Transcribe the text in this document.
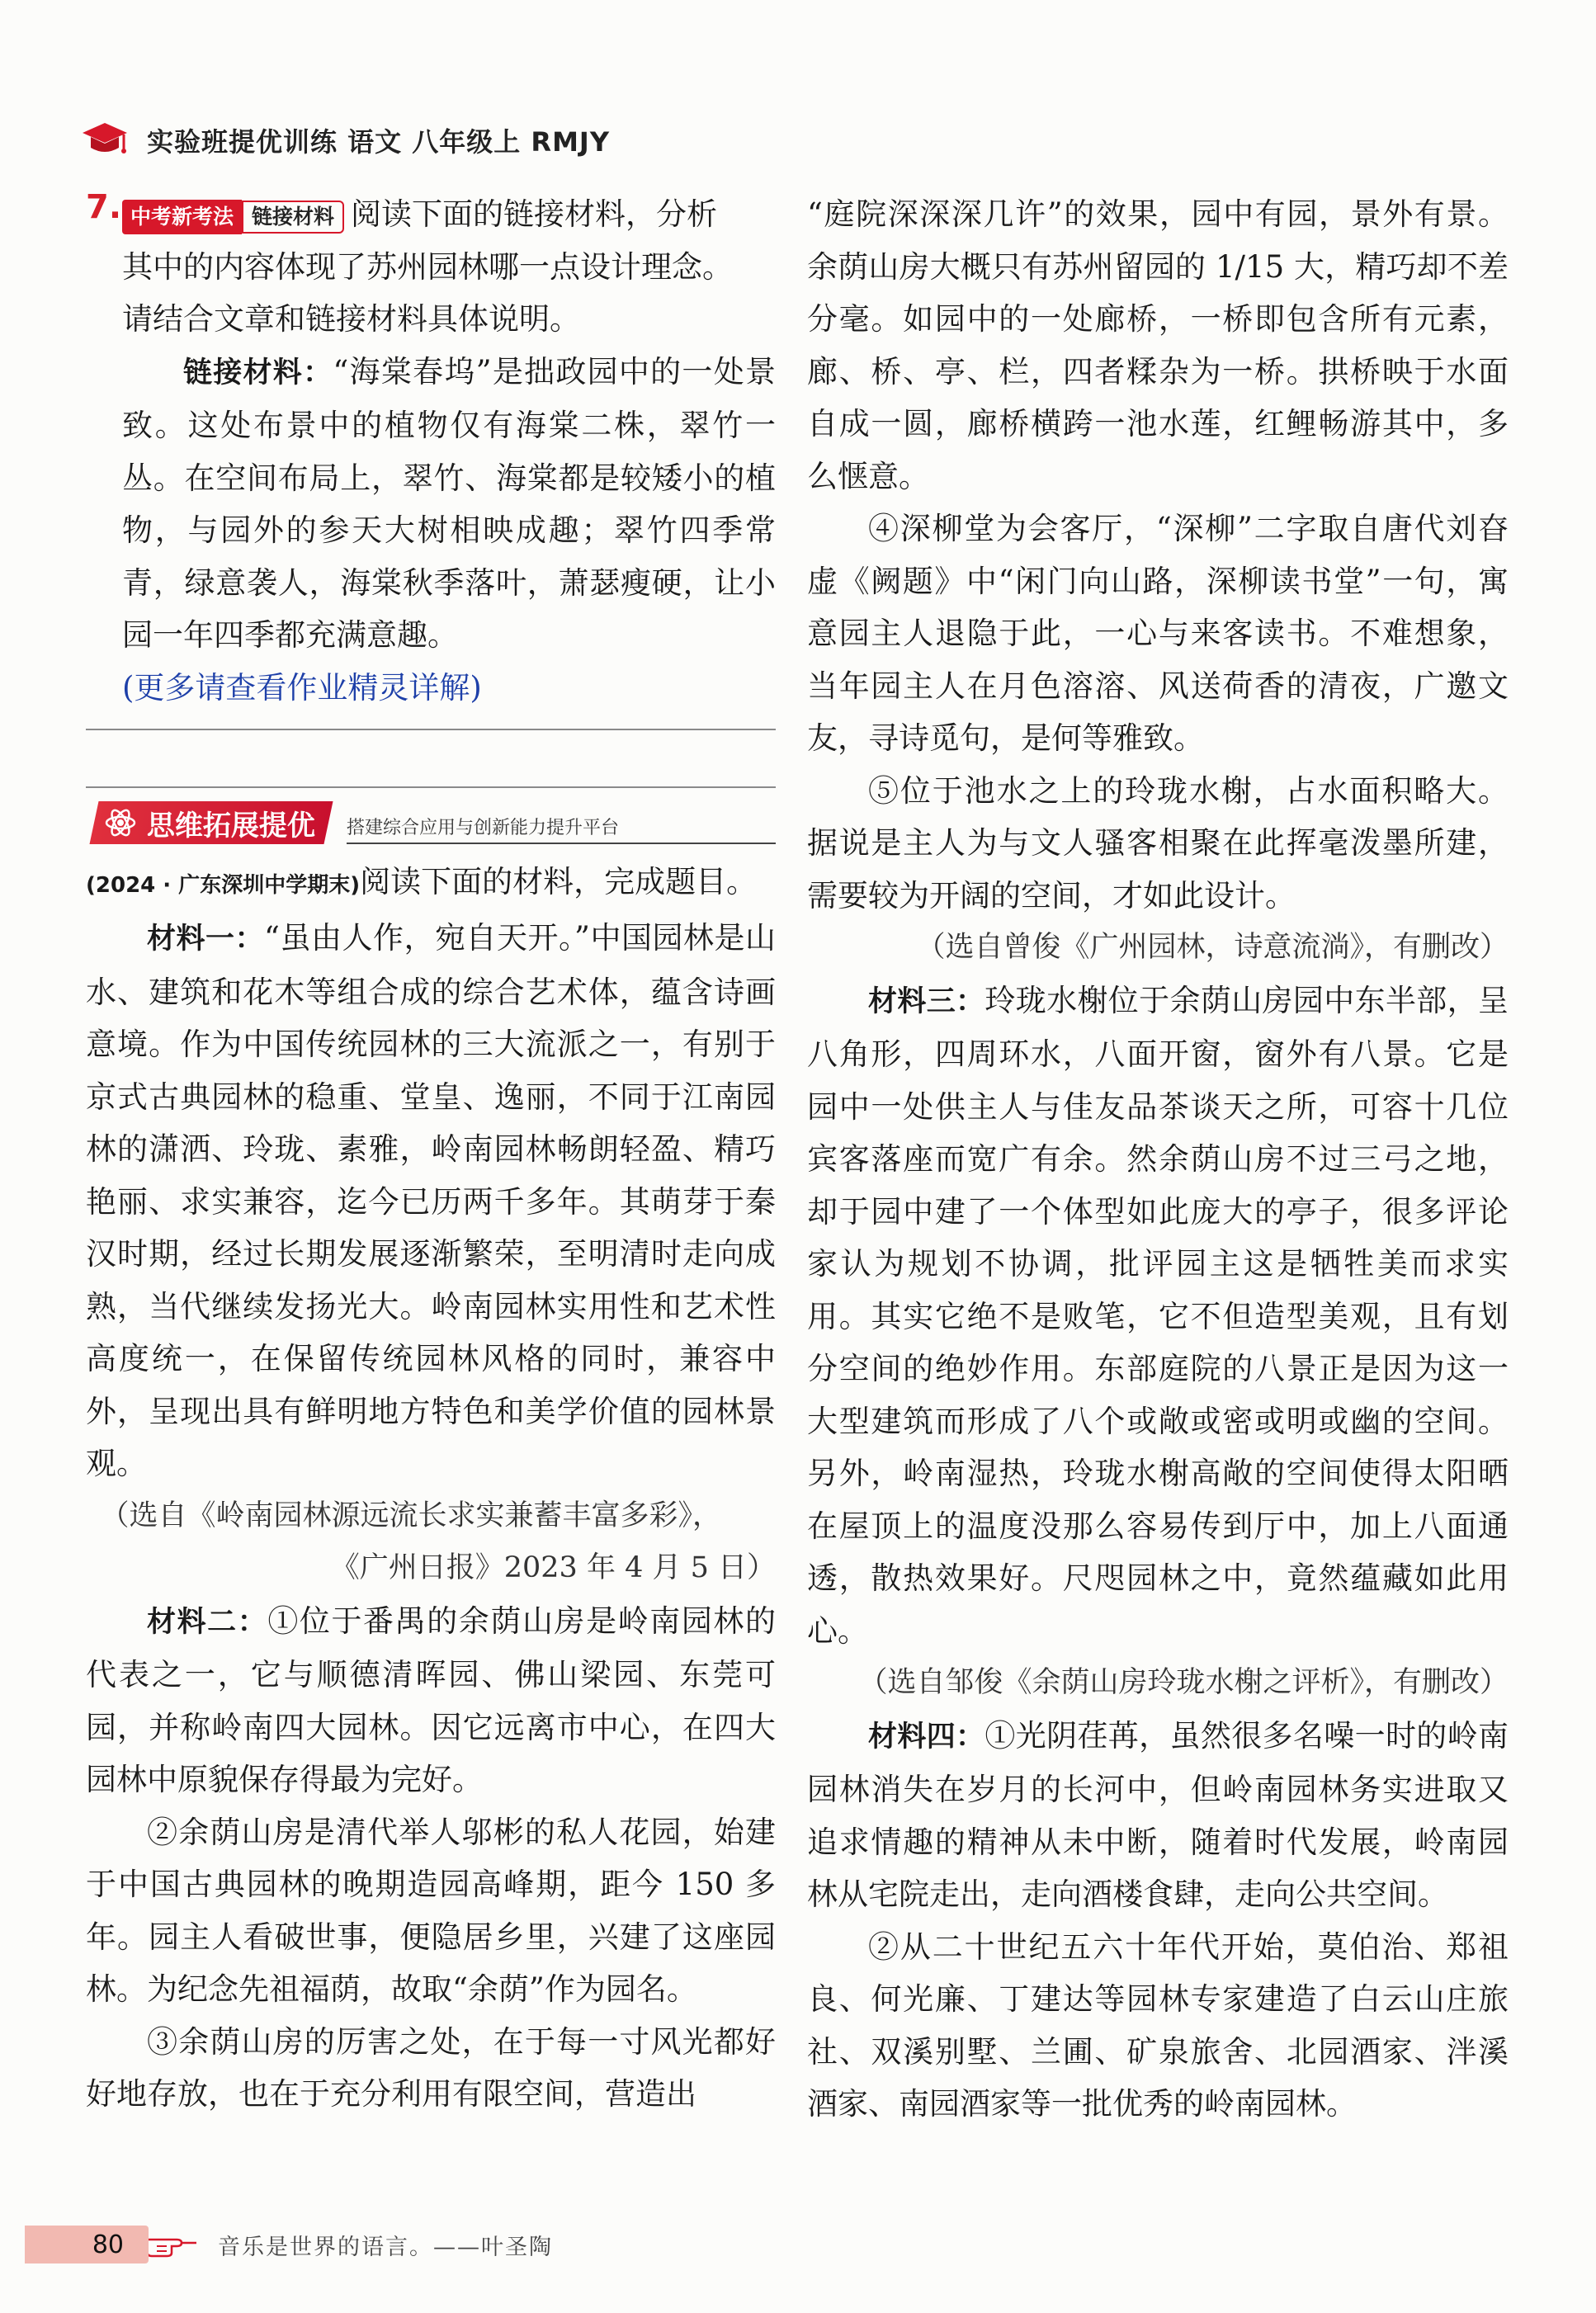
实验班提优训练 语文 八年级上 RMJY
7. 中考新考法 链接材料 阅读下面的链接材料，分析

其中的内容体现了苏州园林哪一点设计理念。

请结合文章和链接材料具体说明。

链接材料：“海棠春坞”是拙政园中的一处景致。这处布景中的植物仅有海棠二株，翠竹一丛。在空间布局上，翠竹、海棠都是较矮小的植物，与园外的参天大树相映成趣；翠竹四季常青，绿意袭人，海棠秋季落叶，萧瑟瘦硬，让小园一年四季都充满意趣。

(更多请查看作业精灵详解)
思维拓展提优 搭建综合应用与创新能力提升平台

(2024 · 广东深圳中学期末)阅读下面的材料，完成题目。

材料一：“虽由人作，宛自天开。”中国园林是山水、建筑和花木等组合成的综合艺术体，蕴含诗画意境。作为中国传统园林的三大流派之一，有别于京式古典园林的稳重、堂皇、逸丽，不同于江南园林的潇洒、玲珑、素雅，岭南园林畅朗轻盈、精巧艳丽、求实兼容，迄今已历两千多年。其萌芽于秦汉时期，经过长期发展逐渐繁荣，至明清时走向成熟，当代继续发扬光大。岭南园林实用性和艺术性高度统一，在保留传统园林风格的同时，兼容中外，呈现出具有鲜明地方特色和美学价值的园林景观。

（选自《岭南园林源远流长求实兼蓄丰富多彩》，

《广州日报》2023 年 4 月 5 日）

材料二：①位于番禺的余荫山房是岭南园林的代表之一，它与顺德清晖园、佛山梁园、东莞可园，并称岭南四大园林。因它远离市中心，在四大园林中原貌保存得最为完好。

②余荫山房是清代举人邬彬的私人花园，始建于中国古典园林的晚期造园高峰期，距今 150 多年。园主人看破世事，便隐居乡里，兴建了这座园林。为纪念先祖福荫，故取“余荫”作为园名。

③余荫山房的厉害之处，在于每一寸风光都好好地存放，也在于充分利用有限空间，营造出

“庭院深深深几许”的效果，园中有园，景外有景。余荫山房大概只有苏州留园的 1/15 大，精巧却不差分毫。如园中的一处廊桥，一桥即包含所有元素，廊、桥、亭、栏，四者糅杂为一桥。拱桥映于水面自成一圆，廊桥横跨一池水莲，红鲤畅游其中，多么惬意。

④深柳堂为会客厅，“深柳”二字取自唐代刘昚虚《阙题》中“闲门向山路，深柳读书堂”一句，寓意园主人退隐于此，一心与来客读书。不难想象，当年园主人在月色溶溶、风送荷香的清夜，广邀文友，寻诗觅句，是何等雅致。

⑤位于池水之上的玲珑水榭，占水面积略大。据说是主人为与文人骚客相聚在此挥毫泼墨所建，需要较为开阔的空间，才如此设计。

（选自曾俊《广州园林，诗意流淌》，有删改）

材料三：玲珑水榭位于余荫山房园中东半部，呈八角形，四周环水，八面开窗，窗外有八景。它是园中一处供主人与佳友品茶谈天之所，可容十几位宾客落座而宽广有余。然余荫山房不过三弓之地，却于园中建了一个体型如此庞大的亭子，很多评论家认为规划不协调，批评园主这是牺牲美而求实用。其实它绝不是败笔，它不但造型美观，且有划分空间的绝妙作用。东部庭院的八景正是因为这一大型建筑而形成了八个或敞或密或明或幽的空间。另外，岭南湿热，玲珑水榭高敞的空间使得太阳晒在屋顶上的温度没那么容易传到厅中，加上八面通透，散热效果好。尺咫园林之中，竟然蕴藏如此用心。

（选自邹俊《余荫山房玲珑水榭之评析》，有删改）

材料四：①光阴荏苒，虽然很多名噪一时的岭南园林消失在岁月的长河中，但岭南园林务实进取又追求情趣的精神从未中断，随着时代发展，岭南园林从宅院走出，走向酒楼食肆，走向公共空间。

②从二十世纪五六十年代开始，莫伯治、郑祖良、何光廉、丁建达等园林专家建造了白云山庄旅社、双溪别墅、兰圃、矿泉旅舍、北园酒家、泮溪酒家、南园酒家等一批优秀的岭南园林。

80	音乐是世界的语言。——叶圣陶
